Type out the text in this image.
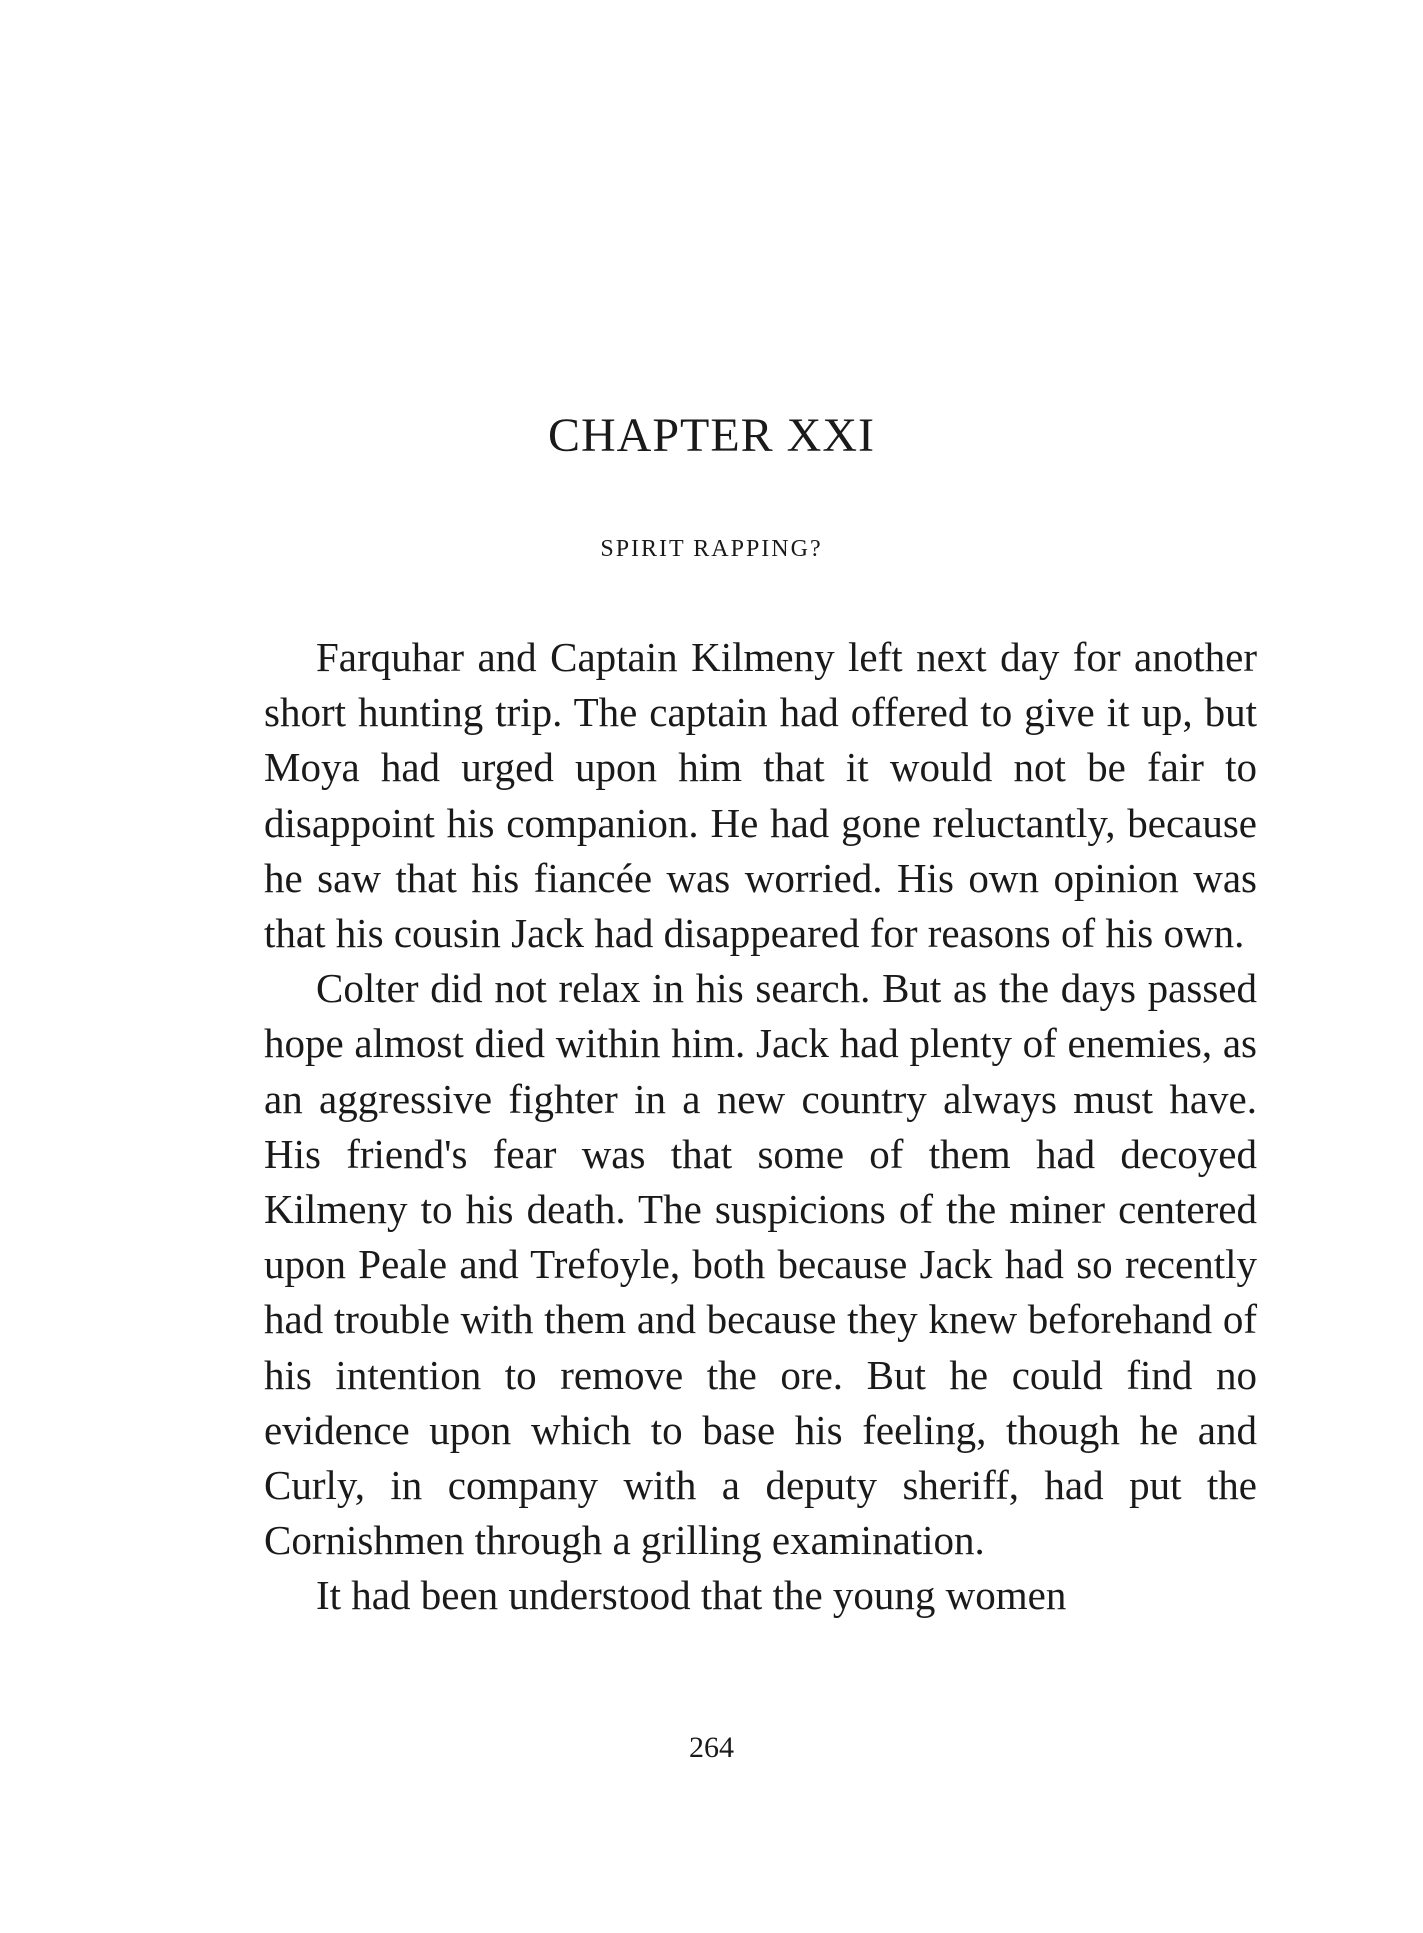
CHAPTER XXI
SPIRIT RAPPING?

Farquhar and Captain Kilmeny left next day for another short hunting trip. The captain had offered to give it up, but Moya had urged upon him that it would not be fair to disappoint his companion. He had gone reluctantly, because he saw that his fiancée was worried. His own opinion was that his cousin Jack had disappeared for reasons of his own.

Colter did not relax in his search. But as the days passed hope almost died within him. Jack had plenty of enemies, as an aggressive fighter in a new country always must have. His friend's fear was that some of them had decoyed Kilmeny to his death. The suspicions of the miner centered upon Peale and Trefoyle, both because Jack had so recently had trouble with them and because they knew beforehand of his intention to remove the ore. But he could find no evidence upon which to base his feeling, though he and Curly, in company with a deputy sheriff, had put the Cornishmen through a grilling examination.

It had been understood that the young women

264
